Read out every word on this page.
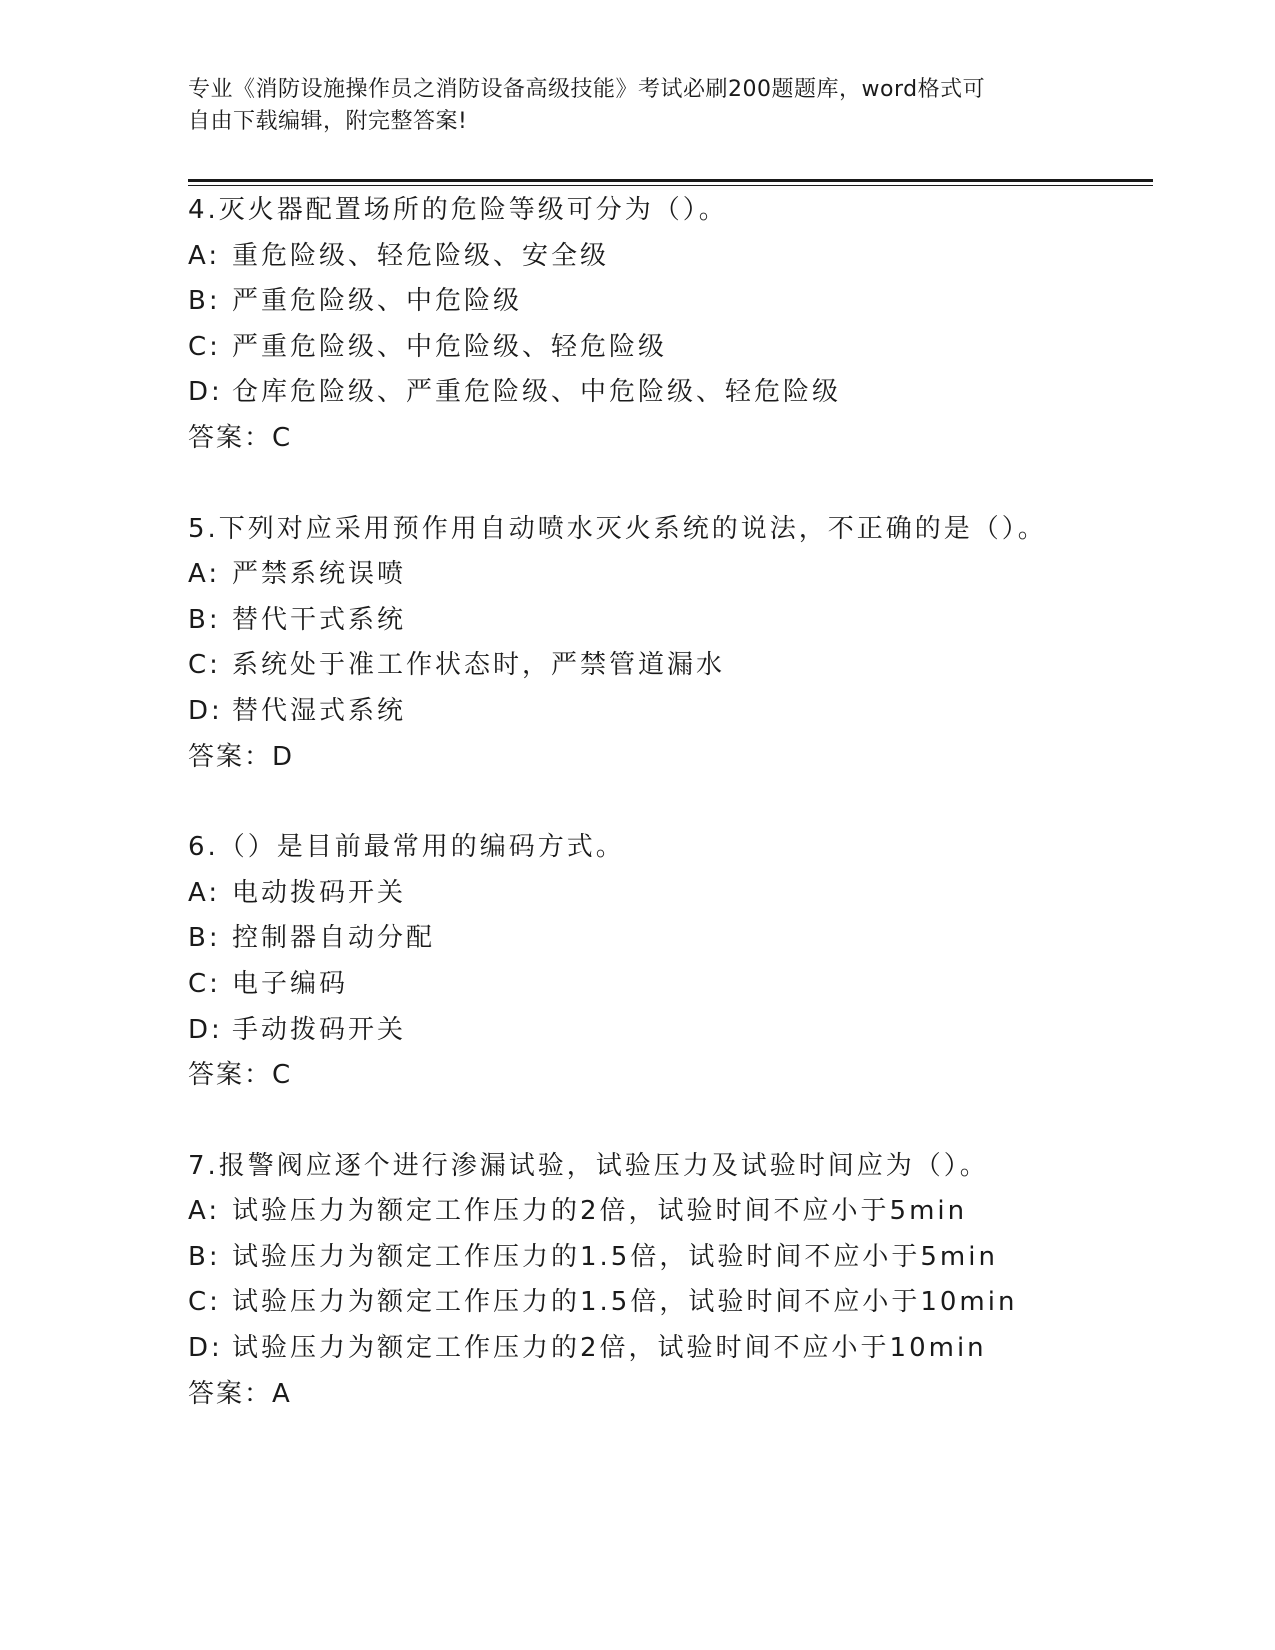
专业《消防设施操作员之消防设备高级技能》考试必刷200题题库，word格式可
自由下载编辑，附完整答案!
4.灭火器配置场所的危险等级可分为（）。
A: 重危险级、轻危险级、安全级
B: 严重危险级、中危险级
C: 严重危险级、中危险级、轻危险级
D: 仓库危险级、严重危险级、中危险级、轻危险级
答案：C
5.下列对应采用预作用自动喷水灭火系统的说法，不正确的是（）。
A: 严禁系统误喷
B: 替代干式系统
C: 系统处于准工作状态时，严禁管道漏水
D: 替代湿式系统
答案：D
6.（）是目前最常用的编码方式。
A: 电动拨码开关
B: 控制器自动分配
C: 电子编码
D: 手动拨码开关
答案：C
7.报警阀应逐个进行渗漏试验，试验压力及试验时间应为（）。
A: 试验压力为额定工作压力的2倍，试验时间不应小于5min
B: 试验压力为额定工作压力的1.5倍，试验时间不应小于5min
C: 试验压力为额定工作压力的1.5倍，试验时间不应小于10min
D: 试验压力为额定工作压力的2倍，试验时间不应小于10min
答案：A
